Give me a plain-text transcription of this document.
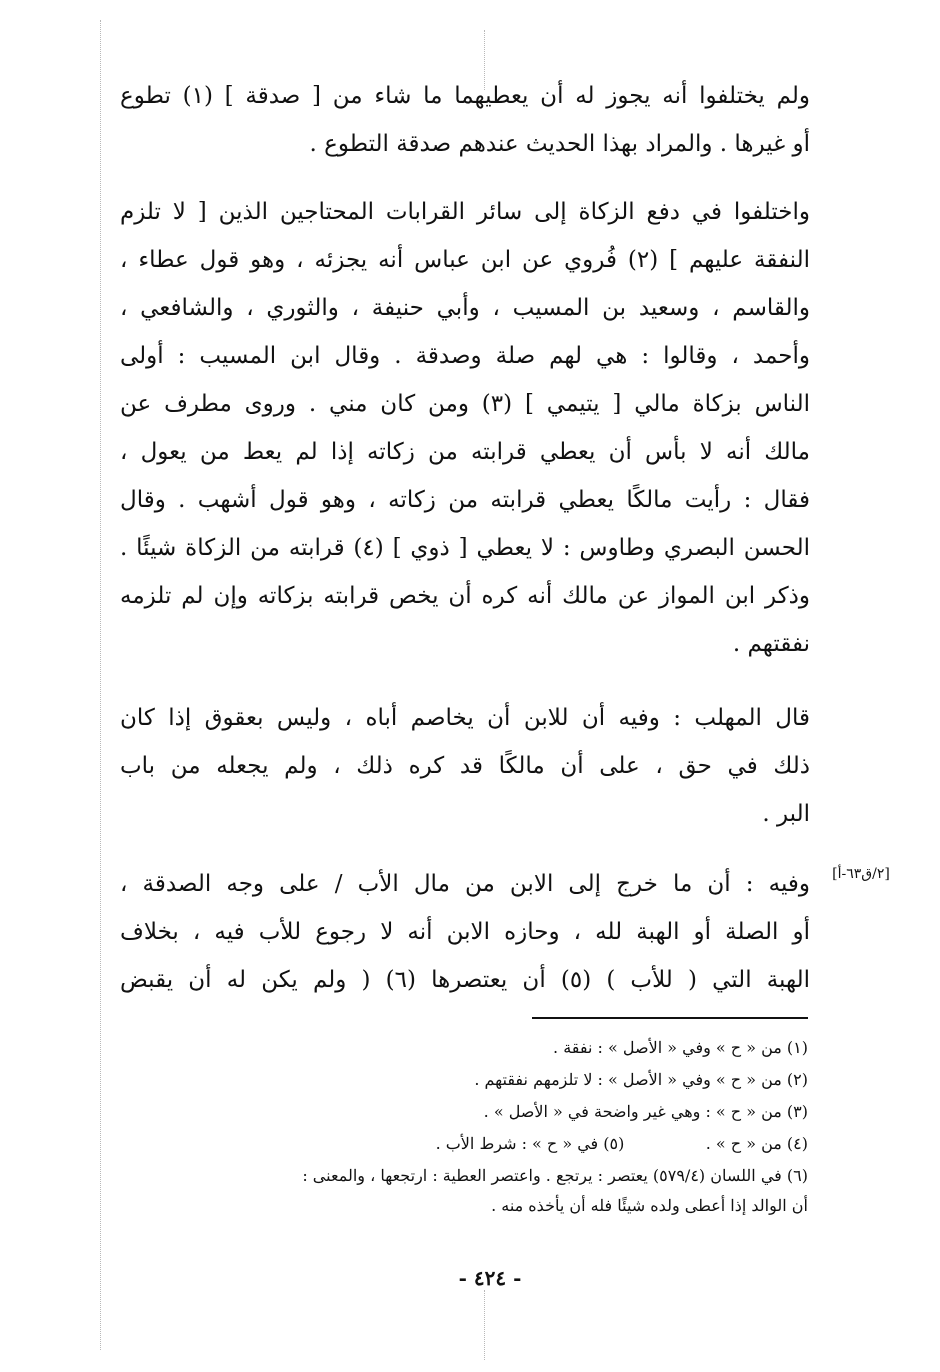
ولم يختلفوا أنه يجوز له أن يعطيهما ما شاء من [ صدقة ] (١) تطوع
أو غيرها . والمراد بهذا الحديث عندهم صدقة التطوع .
واختلفوا في دفع الزكاة إلى سائر القرابات المحتاجين الذين [ لا تلزم
النفقة عليهم ] (٢) فُروي عن ابن عباس أنه يجزئه ، وهو قول عطاء ،
والقاسم ، وسعيد بن المسيب ، وأبي حنيفة ، والثوري ، والشافعي ،
وأحمد ، وقالوا : هي لهم صلة وصدقة . وقال ابن المسيب : أولى
الناس بزكاة مالي [ يتيمي ] (٣) ومن كان مني . وروى مطرف عن
مالك أنه لا بأس أن يعطي قرابته من زكاته إذا لم يعط من يعول ،
فقال : رأيت مالكًا يعطي قرابته من زكاته ، وهو قول أشهب . وقال
الحسن البصري وطاوس : لا يعطي [ ذوي ] (٤) قرابته من الزكاة شيئًا .
وذكر ابن المواز عن مالك أنه كره أن يخص قرابته بزكاته وإن لم تلزمه
نفقتهم .
قال المهلب : وفيه أن للابن أن يخاصم أباه ، وليس بعقوق إذا كان
ذلك في حق ، على أن مالكًا قد كره ذلك ، ولم يجعله من باب
البر .
وفيه : أن ما خرج إلى الابن من مال الأب / على وجه الصدقة ،
أو الصلة أو الهبة لله ، وحازه الابن أنه لا رجوع للأب فيه ، بخلاف
الهبة التي ( للأب ) (٥) أن يعتصرها (٦) ( ولم يكن له أن يقبض
[٢/ق٦٣-أ]
(١) من « ح » وفي « الأصل » : نفقة .
(٢) من « ح » وفي « الأصل » : لا تلزمهم نفقتهم .
(٣) من « ح » : وهي غير واضحة في « الأصل » .
(٤) من « ح » .                (٥) في « ح » : شرط الأب .
(٦) في اللسان (٥٧٩/٤) يعتصر : يرتجع . واعتصر العطية : ارتجعها ، والمعنى :
أن الوالد إذا أعطى ولده شيئًا فله أن يأخذه منه .
- ٤٢٤ -
